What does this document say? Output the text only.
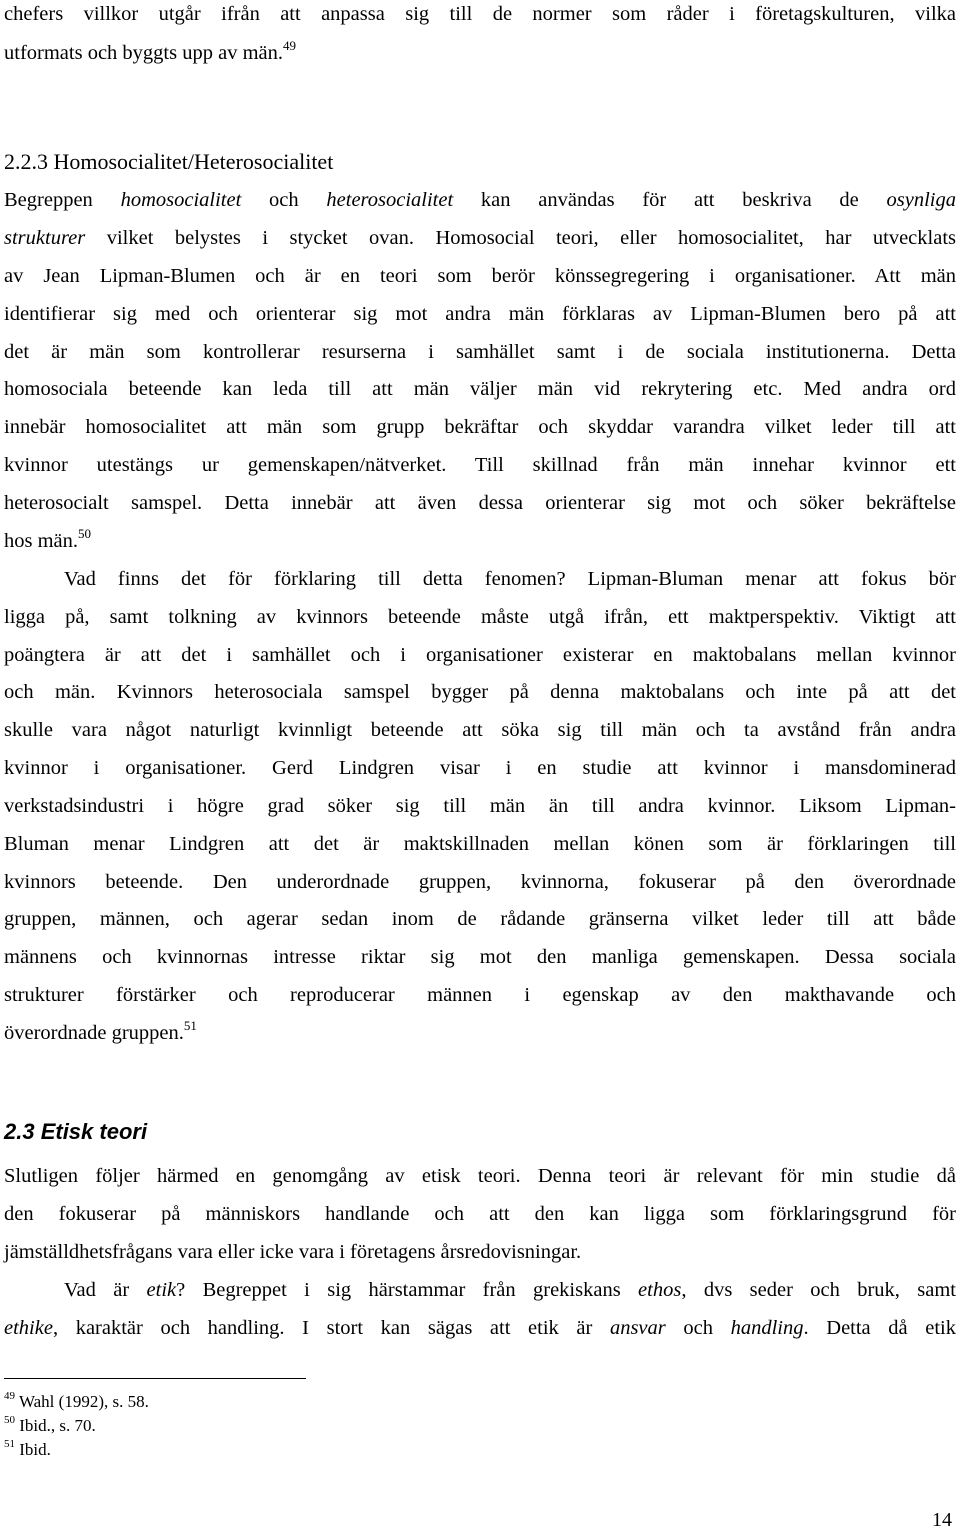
chefers villkor utgår ifrån att anpassa sig till de normer som råder i företagskulturen, vilka
utformats och byggts upp av män.$^{49}$
2.2.3 Homosocialitet/Heterosocialitet
Begreppen homosocialitet och heterosocialitet kan användas för att beskriva de osynliga
strukturer vilket belystes i stycket ovan. Homosocial teori, eller homosocialitet, har utvecklats
av Jean Lipman-Blumen och är en teori som berör könssegregering i organisationer. Att män
identifierar sig med och orienterar sig mot andra män förklaras av Lipman-Blumen bero på att
det är män som kontrollerar resurserna i samhället samt i de sociala institutionerna. Detta
homosociala beteende kan leda till att män väljer män vid rekrytering etc. Med andra ord
innebär homosocialitet att män som grupp bekräftar och skyddar varandra vilket leder till att
kvinnor utestängs ur gemenskapen/nätverket. Till skillnad från män innehar kvinnor ett
heterosocialt samspel. Detta innebär att även dessa orienterar sig mot och söker bekräftelse
hos män.$^{50}$
Vad finns det för förklaring till detta fenomen? Lipman-Bluman menar att fokus bör
ligga på, samt tolkning av kvinnors beteende måste utgå ifrån, ett maktperspektiv. Viktigt att
poängtera är att det i samhället och i organisationer existerar en maktobalans mellan kvinnor
och män. Kvinnors heterosociala samspel bygger på denna maktobalans och inte på att det
skulle vara något naturligt kvinnligt beteende att söka sig till män och ta avstånd från andra
kvinnor i organisationer. Gerd Lindgren visar i en studie att kvinnor i mansdominerad
verkstadsindustri i högre grad söker sig till män än till andra kvinnor. Liksom Lipman-
Bluman menar Lindgren att det är maktskillnaden mellan könen som är förklaringen till
kvinnors beteende. Den underordnade gruppen, kvinnorna, fokuserar på den överordnade
gruppen, männen, och agerar sedan inom de rådande gränserna vilket leder till att både
männens och kvinnornas intresse riktar sig mot den manliga gemenskapen. Dessa sociala
strukturer förstärker och reproducerar männen i egenskap av den makthavande och
överordnade gruppen.$^{51}$
2.3 Etisk teori
Slutligen följer härmed en genomgång av etisk teori. Denna teori är relevant för min studie då
den fokuserar på människors handlande och att den kan ligga som förklaringsgrund för
jämställdhetsfrågans vara eller icke vara i företagens årsredovisningar.
Vad är etik? Begreppet i sig härstammar från grekiskans ethos, dvs seder och bruk, samt
ethike, karaktär och handling. I stort kan sägas att etik är ansvar och handling. Detta då etik
$^{49}$ Wahl (1992), s. 58.
$^{50}$ Ibid., s. 70.
$^{51}$ Ibid.
14
